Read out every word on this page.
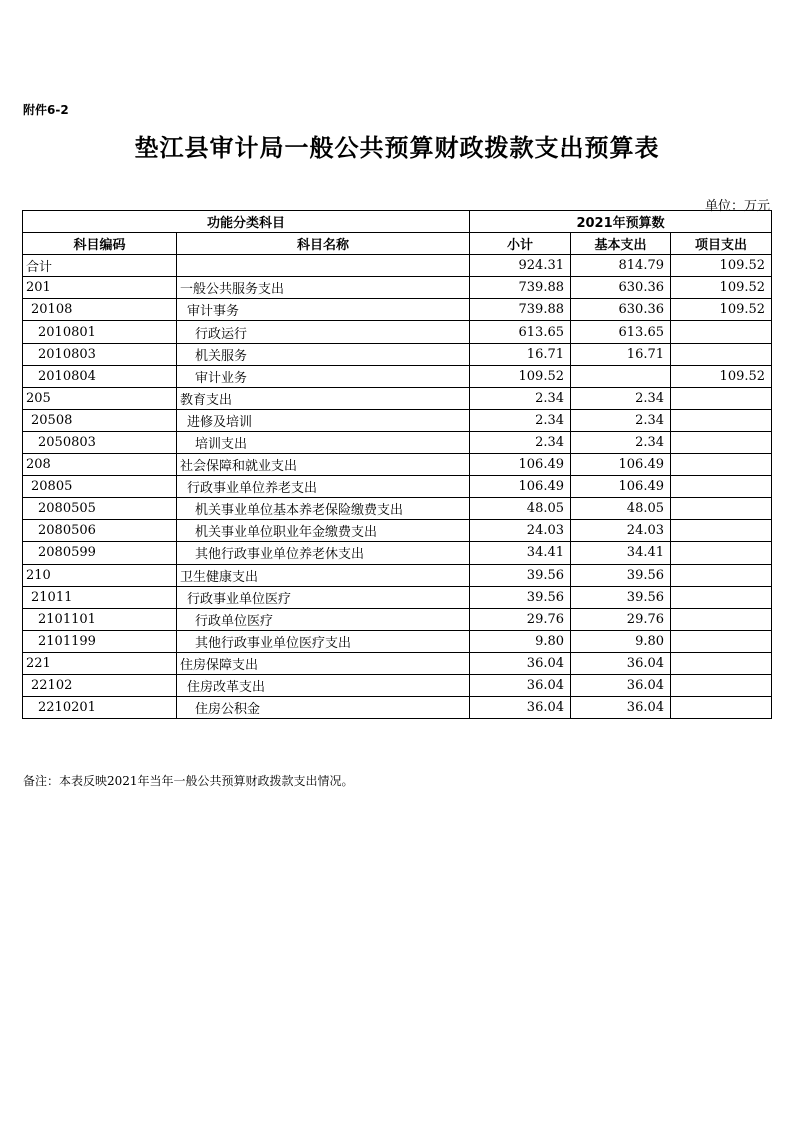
附件6-2
垫江县审计局一般公共预算财政拨款支出预算表
单位：万元
功能分类科目		2021年预算数		
科目编码	科目名称	小计	基本支出	项目支出
合计		924.31	814.79	109.52
201	一般公共服务支出	739.88	630.36	109.52
20108	审计事务	739.88	630.36	109.52
2010801	行政运行	613.65	613.65	
2010803	机关服务	16.71	16.71	
2010804	审计业务	109.52		109.52
205	教育支出	2.34	2.34	
20508	进修及培训	2.34	2.34	
2050803	培训支出	2.34	2.34	
208	社会保障和就业支出	106.49	106.49	
20805	行政事业单位养老支出	106.49	106.49	
2080505	机关事业单位基本养老保险缴费支出	48.05	48.05	
2080506	机关事业单位职业年金缴费支出	24.03	24.03	
2080599	其他行政事业单位养老休支出	34.41	34.41	
210	卫生健康支出	39.56	39.56	
21011	行政事业单位医疗	39.56	39.56	
2101101	行政单位医疗	29.76	29.76	
2101199	其他行政事业单位医疗支出	9.80	9.80	
221	住房保障支出	36.04	36.04	
22102	住房改革支出	36.04	36.04	
2210201	住房公积金	36.04	36.04	
备注：本表反映2021年当年一般公共预算财政拨款支出情况。
